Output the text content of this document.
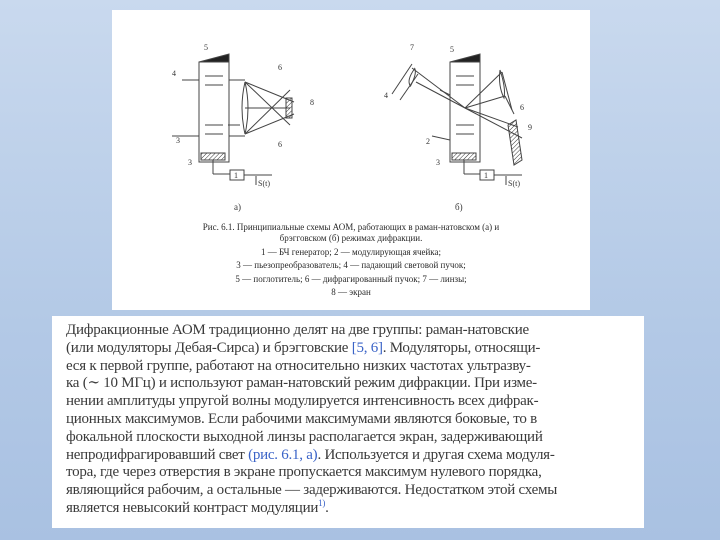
5
4
6
8
3	6
3
1
S(t)
7	5
4
6
9
2
3
1
S(t)
а)	б)
Рис. 6.1. Принципиальные схемы АОМ, работающих в раман-натовском (а) и
брэгговском (б) режимах дифракции.
1 — БЧ генератор; 2 — модулирующая ячейка;
3 — пьезопреобразователь; 4 — падающий световой пучок;
5 — поглотитель; 6 — дифрагированный пучок; 7 — линзы;
8 — экран
Дифракционные АОМ традиционно делят на две группы: раман-натовские
(или модуляторы Дебая-Сирса) и брэгговские [5, 6]. Модуляторы, относящи-
еся к первой группе, работают на относительно низких частотах ультразву-
ка (∼ 10 МГц) и используют раман-натовский режим дифракции. При изме-
нении амплитуды упругой волны модулируется интенсивность всех дифрак-
ционных максимумов. Если рабочими максимумами являются боковые, то в
фокальной плоскости выходной линзы располагается экран, задерживающий
непродифрагировавший свет (рис. 6.1, а). Используется и другая схема модуля-
тора, где через отверстия в экране пропускается максимум нулевого порядка,
являющийся рабочим, а остальные — задерживаются. Недостатком этой схемы
является невысокий контраст модуляции$^{1)}$.
